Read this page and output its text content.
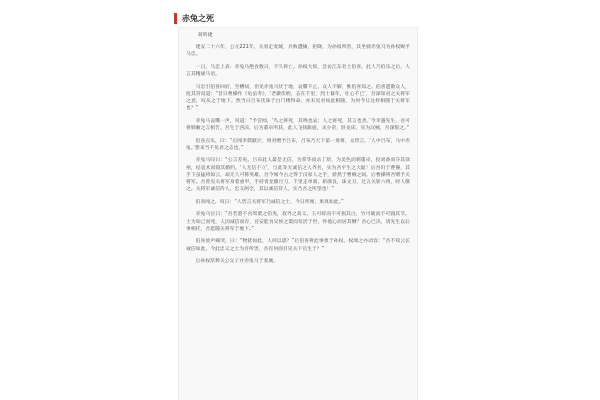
赤兔之死
蒋昕捷

建安二十六年，公元221年，关羽走麦城，兵败遭擒，拒降，为孙权所害，其坐骑赤兔马为孙权赐予马忠。

一日，马忠上表：赤兔马绝食数日，不久将亡。孙权大惊，急访江东名士伯喜。此人乃伯乐之后，人言其精通马语。

马忠引伯喜回府，至槽间，但见赤兔马伏于地，哀嘶不止。众人不解，惟伯喜知之。伯喜遣散众人，抚其背叹道：“昔日曹操作《龟虽寿》，‘老骥伏枥，志在千里，烈士暮年，壮心不已’，吾深知君之关将军之意，叹从之于地下。然当日吕布伏诛于白门楼得命，亦未见君如此相随，为何今日这样相随于关将军也？”

赤兔马哀嘶一声，叹道：“予尝闻，‘鸟之将死，其鸣也哀；人之将死，其言也善。’今幸遇先生，吾可将肺腑之言相告。吾生于西凉，后为董卓所获，此人飞扬跋扈，杀少帝，卧龙床，实为汉贼，吾深恨之。”

伯喜点头，曰：“后闻李儒献计，将君赠予吕布，吕布乃天下第一勇将，众皆言，‘人中吕布，马中赤兔。’想来当不负君之志也。”

赤兔马叹曰：“公言差矣。吕布此人最是无信，为荣华而杀丁原，为美色而刺董卓，投刘备而夺其徐州，结袁术而毁其婚约。‘人无信不立’，与此等无诚信之人齐名，实为吾平生之大耻！后吾归于曹操，其手下虽猛将如云，却无人可称英雄。吾今闻今古之得于汉家人之手，骄然于曹贼之间。后曹操将吾赠予关将军。吾曾见关将军身着重甲，手持青龙偃月刀，千里走单骑，斩颜良，诛文丑，过五关斩六将，时人敬之。关将军诚信待人，忠义两全，其以诚信待人，实乃吾之所望也！”

伯喜闻之，叹曰：“人皆言关将军乃诚信之士，今日所闻，果真如此。”

赤兔马泣曰：“吾若愿不食周粟之伯夷，叔齐之高义，玉可碎而不可损其白，竹可破而不可毁其节。士为知己而死，人因诚信而存，吾安能食吴侯之粟而苟活于世，怀他心而居其侧？吾心已决，请先生以后事相托，吾愿随关将军于地下。”

伯喜放声痛哭，曰：“物犹如此，人何以堪？”后伯喜将此事禀于孙权，权闻之亦动容：“吾不知云长诚信如此，今此忠义之士为吾所害，吾有何面目见关下官生于？”

后孙权厚葬关公父子并赤兔马于麦城。
